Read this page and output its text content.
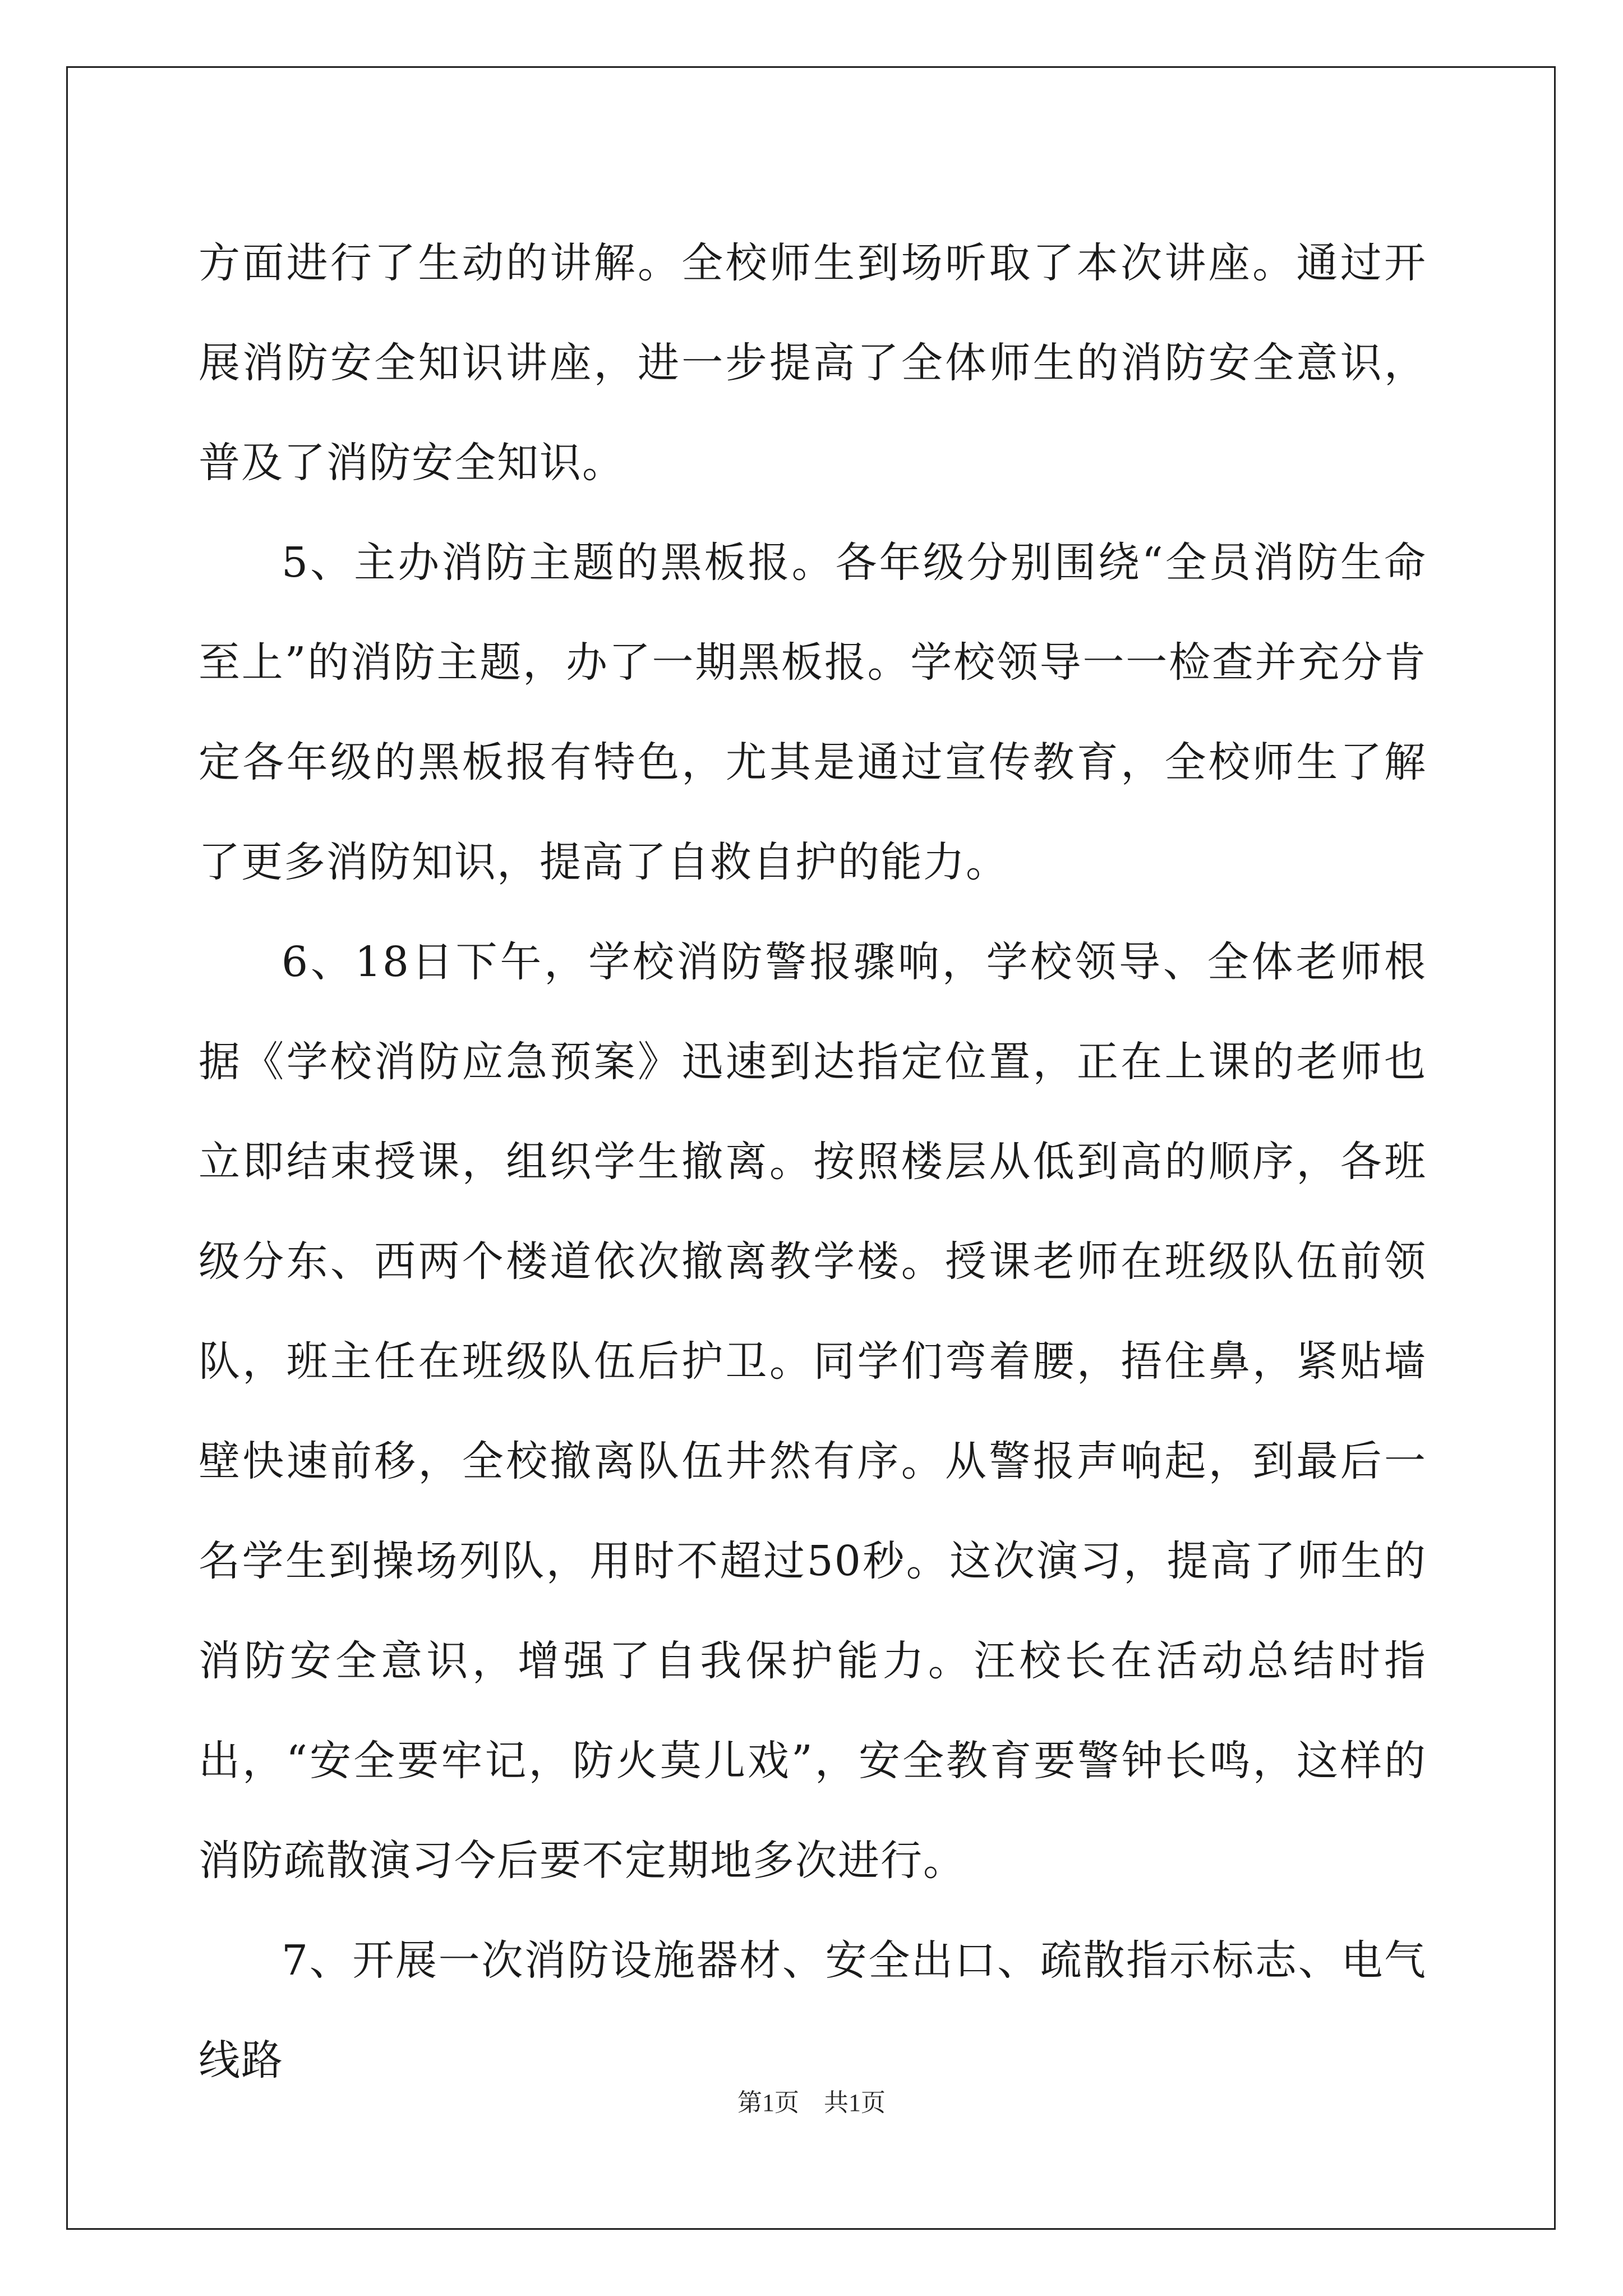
方面进行了生动的讲解。全校师生到场听取了本次讲座。通过开展消防安全知识讲座，进一步提高了全体师生的消防安全意识，普及了消防安全知识。

5、主办消防主题的黑板报。各年级分别围绕“全员消防生命至上”的消防主题，办了一期黑板报。学校领导一一检查并充分肯定各年级的黑板报有特色，尤其是通过宣传教育，全校师生了解了更多消防知识，提高了自救自护的能力。

6、18日下午，学校消防警报骤响，学校领导、全体老师根据《学校消防应急预案》迅速到达指定位置，正在上课的老师也立即结束授课，组织学生撤离。按照楼层从低到高的顺序，各班级分东、西两个楼道依次撤离教学楼。授课老师在班级队伍前领队，班主任在班级队伍后护卫。同学们弯着腰，捂住鼻，紧贴墙壁快速前移，全校撤离队伍井然有序。从警报声响起，到最后一名学生到操场列队，用时不超过50秒。这次演习，提高了师生的消防安全意识，增强了自我保护能力。汪校长在活动总结时指出，“安全要牢记，防火莫儿戏”，安全教育要警钟长鸣，这样的消防疏散演习今后要不定期地多次进行。

7、开展一次消防设施器材、安全出口、疏散指示标志、电气线路

第1页　共1页
